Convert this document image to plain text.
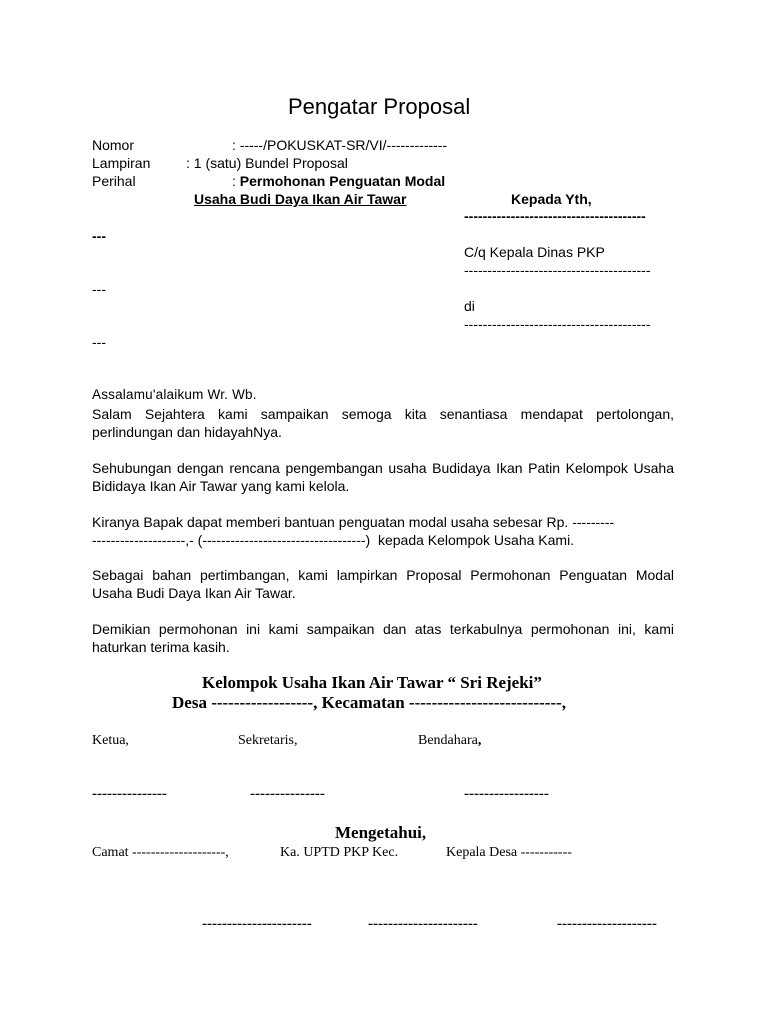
Pengatar Proposal
Nomor	: -----/POKUSKAT-SR/VI/-------------
Lampiran	: 1 (satu) Bundel Proposal
Perihal	: Permohonan Penguatan Modal
Usaha Budi Daya Ikan Air Tawar	Kepada Yth,
---------------------------------------
---
C/q Kepala Dinas PKP
----------------------------------------
---
di
----------------------------------------
---
Assalamu'alaikum Wr. Wb.
Salam Sejahtera kami sampaikan semoga kita senantiasa mendapat pertolongan, perlindungan dan hidayahNya.
Sehubungan dengan rencana pengembangan usaha Budidaya Ikan Patin Kelompok Usaha Bididaya Ikan Air Tawar yang kami kelola.
Kiranya Bapak dapat memberi bantuan penguatan modal usaha sebesar Rp. ---------
--------------------,- (-----------------------------------)  kepada Kelompok Usaha Kami.
Sebagai bahan pertimbangan, kami lampirkan Proposal Permohonan Penguatan Modal Usaha Budi Daya Ikan Air Tawar.
Demikian permohonan ini kami sampaikan dan atas terkabulnya permohonan ini, kami haturkan terima kasih.
Kelompok Usaha Ikan Air Tawar “ Sri Rejeki”
Desa ------------------, Kecamatan ---------------------------,
Ketua,	Sekretaris,	Bendahara,
---------------	---------------	-----------------
Mengetahui,
Camat --------------------,	Ka. UPTD PKP Kec.	Kepala Desa -----------
----------------------	----------------------	--------------------
